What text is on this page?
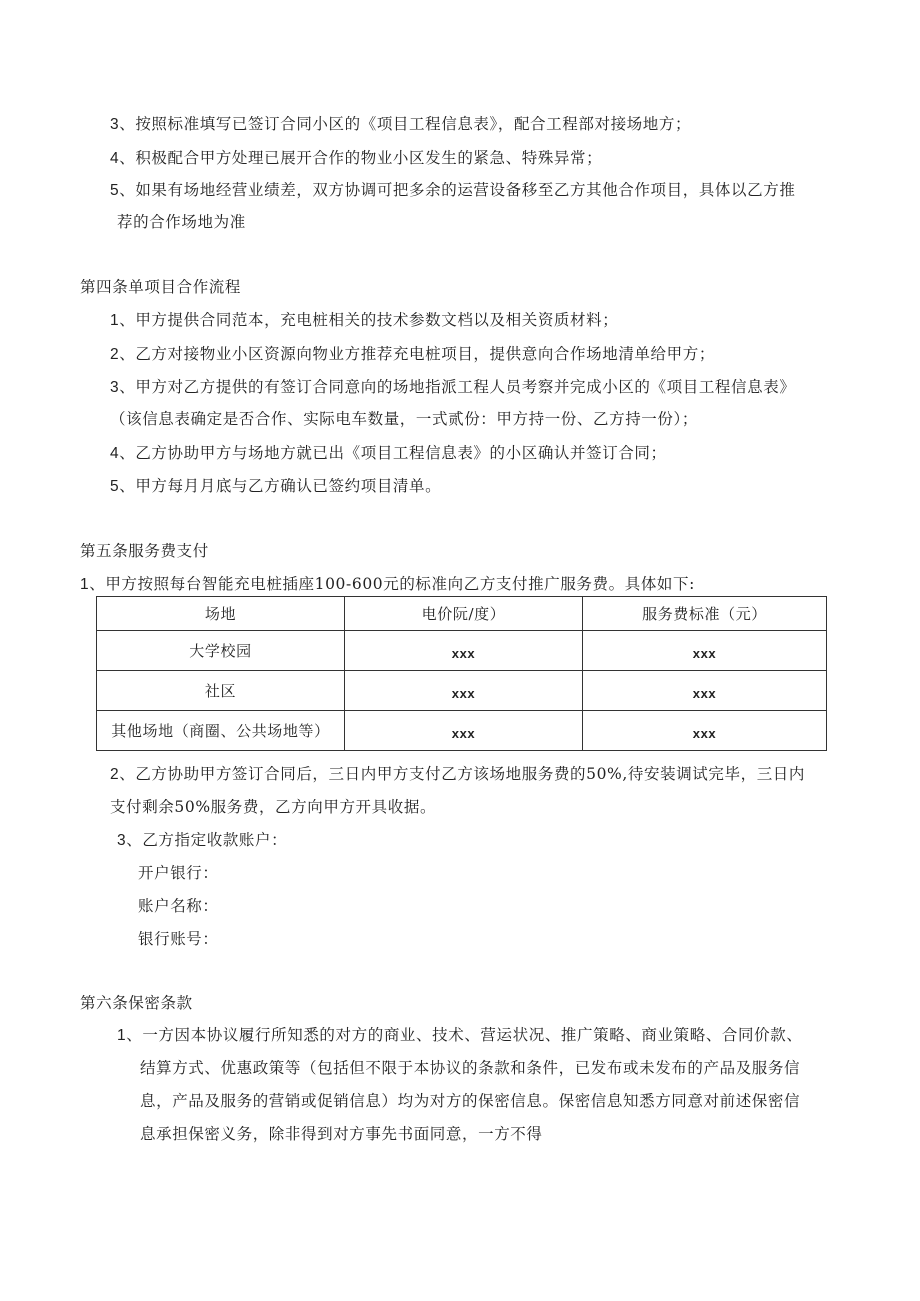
3、按照标准填写已签订合同小区的《项目工程信息表》，配合工程部对接场地方；
4、积极配合甲方处理已展开合作的物业小区发生的紧急、特殊异常；
5、如果有场地经营业绩差，双方协调可把多余的运营设备移至乙方其他合作项目，具体以乙方推
荐的合作场地为准
第四条单项目合作流程
1、甲方提供合同范本，充电桩相关的技术参数文档以及相关资质材料；
2、乙方对接物业小区资源向物业方推荐充电桩项目，提供意向合作场地清单给甲方；
3、甲方对乙方提供的有签订合同意向的场地指派工程人员考察并完成小区的《项目工程信息表》
（该信息表确定是否合作、实际电车数量，一式贰份：甲方持一份、乙方持一份）；
4、乙方协助甲方与场地方就已出《项目工程信息表》的小区确认并签订合同；
5、甲方每月月底与乙方确认已签约项目清单。
第五条服务费支付
1、甲方按照每台智能充电桩插座100-600元的标准向乙方支付推广服务费。具体如下:
场地	电价阮/度）	服务费标准（元）
大学校园	xxx	xxx
社区	xxx	xxx
其他场地（商圈、公共场地等）	xxx	xxx
2、乙方协助甲方签订合同后，三日内甲方支付乙方该场地服务费的50%,待安装调试完毕，三日内
支付剩余50%服务费，乙方向甲方开具收据。
3、乙方指定收款账户：
开户银行：
账户名称：
银行账号：
第六条保密条款
1、一方因本协议履行所知悉的对方的商业、技术、营运状况、推广策略、商业策略、合同价款、
结算方式、优惠政策等（包括但不限于本协议的条款和条件，已发布或未发布的产品及服务信
息，产品及服务的营销或促销信息）均为对方的保密信息。保密信息知悉方同意对前述保密信
息承担保密义务，除非得到对方事先书面同意，一方不得
